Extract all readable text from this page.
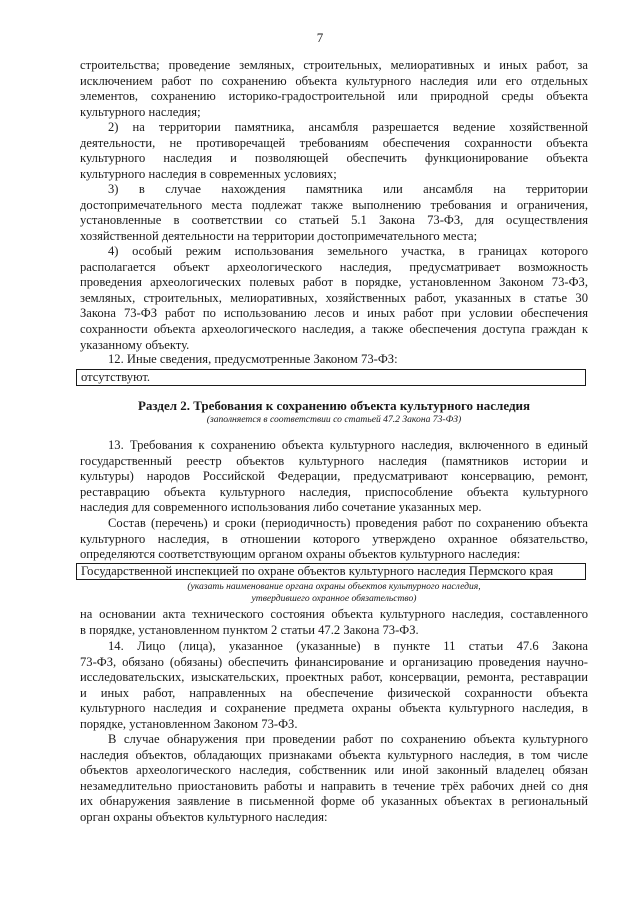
7

строительства; проведение земляных, строительных, мелиоративных и иных работ, за

исключением работ по сохранению объекта культурного наследия или его отдельных

элементов, сохранению историко-градостроительной или природной среды объекта

культурного наследия;

2) на территории памятника, ансамбля разрешается ведение хозяйственной

деятельности, не противоречащей требованиям обеспечения сохранности объекта

культурного наследия и позволяющей обеспечить функционирование объекта

культурного наследия в современных условиях;

3) в случае нахождения памятника или ансамбля на территории

достопримечательного места подлежат также выполнению требования и ограничения,

установленные в соответствии со статьей 5.1 Закона 73-ФЗ, для осуществления

хозяйственной деятельности на территории достопримечательного места;

4) особый режим использования земельного участка, в границах которого

располагается объект археологического наследия, предусматривает возможность

проведения археологических полевых работ в порядке, установленном Законом 73-ФЗ,

земляных, строительных, мелиоративных, хозяйственных работ, указанных в статье 30

Закона 73-ФЗ работ по использованию лесов и иных работ при условии обеспечения

сохранности объекта археологического наследия, а также обеспечения доступа граждан к

указанному объекту.

12. Иные сведения, предусмотренные Законом 73-ФЗ:

отсутствуют.
Раздел 2. Требования к сохранению объекта культурного наследия
(заполняется в соответствии со статьей 47.2 Закона 73-ФЗ)

13. Требования к сохранению объекта культурного наследия, включенного в единый

государственный реестр объектов культурного наследия (памятников истории и

культуры) народов Российской Федерации, предусматривают консервацию, ремонт,

реставрацию объекта культурного наследия, приспособление объекта культурного

наследия для современного использования либо сочетание указанных мер.

Состав (перечень) и сроки (периодичность) проведения работ по сохранению объекта

культурного наследия, в отношении которого утверждено охранное обязательство,

определяются соответствующим органом охраны объектов культурного наследия:

Государственной инспекцией по охране объектов культурного наследия Пермского края
(указать наименование органа охраны объектов культурного наследия,
утвердившего охранное обязательство)

на основании акта технического состояния объекта культурного наследия, составленного

в порядке, установленном пунктом 2 статьи 47.2 Закона 73-ФЗ.

14. Лицо (лица), указанное (указанные) в пункте 11 статьи 47.6 Закона

73-ФЗ, обязано (обязаны) обеспечить финансирование и организацию проведения научно-

исследовательских, изыскательских, проектных работ, консервации, ремонта, реставрации

и иных работ, направленных на обеспечение физической сохранности объекта

культурного наследия и сохранение предмета охраны объекта культурного наследия, в

порядке, установленном Законом 73-ФЗ.

В случае обнаружения при проведении работ по сохранению объекта культурного

наследия объектов, обладающих признаками объекта культурного наследия, в том числе

объектов археологического наследия, собственник или иной законный владелец обязан

незамедлительно приостановить работы и направить в течение трёх рабочих дней со дня

их обнаружения заявление в письменной форме об указанных объектах в региональный

орган охраны объектов культурного наследия:
